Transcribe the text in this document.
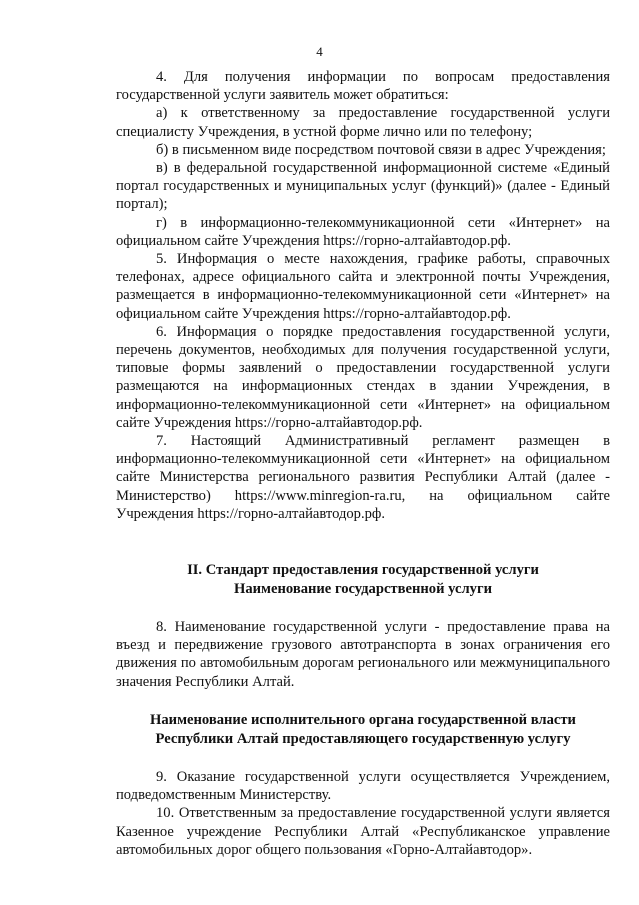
4

4. Для получения информации по вопросам предоставления государственной услуги заявитель может обратиться:

а) к ответственному за предоставление государственной услуги специалисту Учреждения, в устной форме лично или по телефону;

б) в письменном виде посредством почтовой связи в адрес Учреждения;

в) в федеральной государственной информационной системе «Единый портал государственных и муниципальных услуг (функций)» (далее - Единый портал);

г) в информационно-телекоммуникационной сети «Интернет» на официальном сайте Учреждения https://горно-алтайавтодор.рф.

5. Информация о месте нахождения, графике работы, справочных телефонах, адресе официального сайта и электронной почты Учреждения, размещается в информационно-телекоммуникационной сети «Интернет» на официальном сайте Учреждения https://горно-алтайавтодор.рф.

6. Информация о порядке предоставления государственной услуги, перечень документов, необходимых для получения государственной услуги, типовые формы заявлений о предоставлении государственной услуги размещаются на информационных стендах в здании Учреждения, в информационно-телекоммуникационной сети «Интернет» на официальном сайте Учреждения https://горно-алтайавтодор.рф.

7. Настоящий Административный регламент размещен в информационно-телекоммуникационной сети «Интернет» на официальном сайте Министерства регионального развития Республики Алтай (далее - Министерство) https://www.minregion-ra.ru, на официальном сайте Учреждения https://горно-алтайавтодор.рф.

II. Стандарт предоставления государственной услуги

Наименование государственной услуги

8. Наименование государственной услуги - предоставление права на въезд и передвижение грузового автотранспорта в зонах ограничения его движения по автомобильным дорогам регионального или межмуниципального значения Республики Алтай.

Наименование исполнительного органа государственной власти

Республики Алтай предоставляющего государственную услугу

9. Оказание государственной услуги осуществляется Учреждением, подведомственным Министерству.

10. Ответственным за предоставление государственной услуги является Казенное учреждение Республики Алтай «Республиканское управление автомобильных дорог общего пользования «Горно-Алтайавтодор».
